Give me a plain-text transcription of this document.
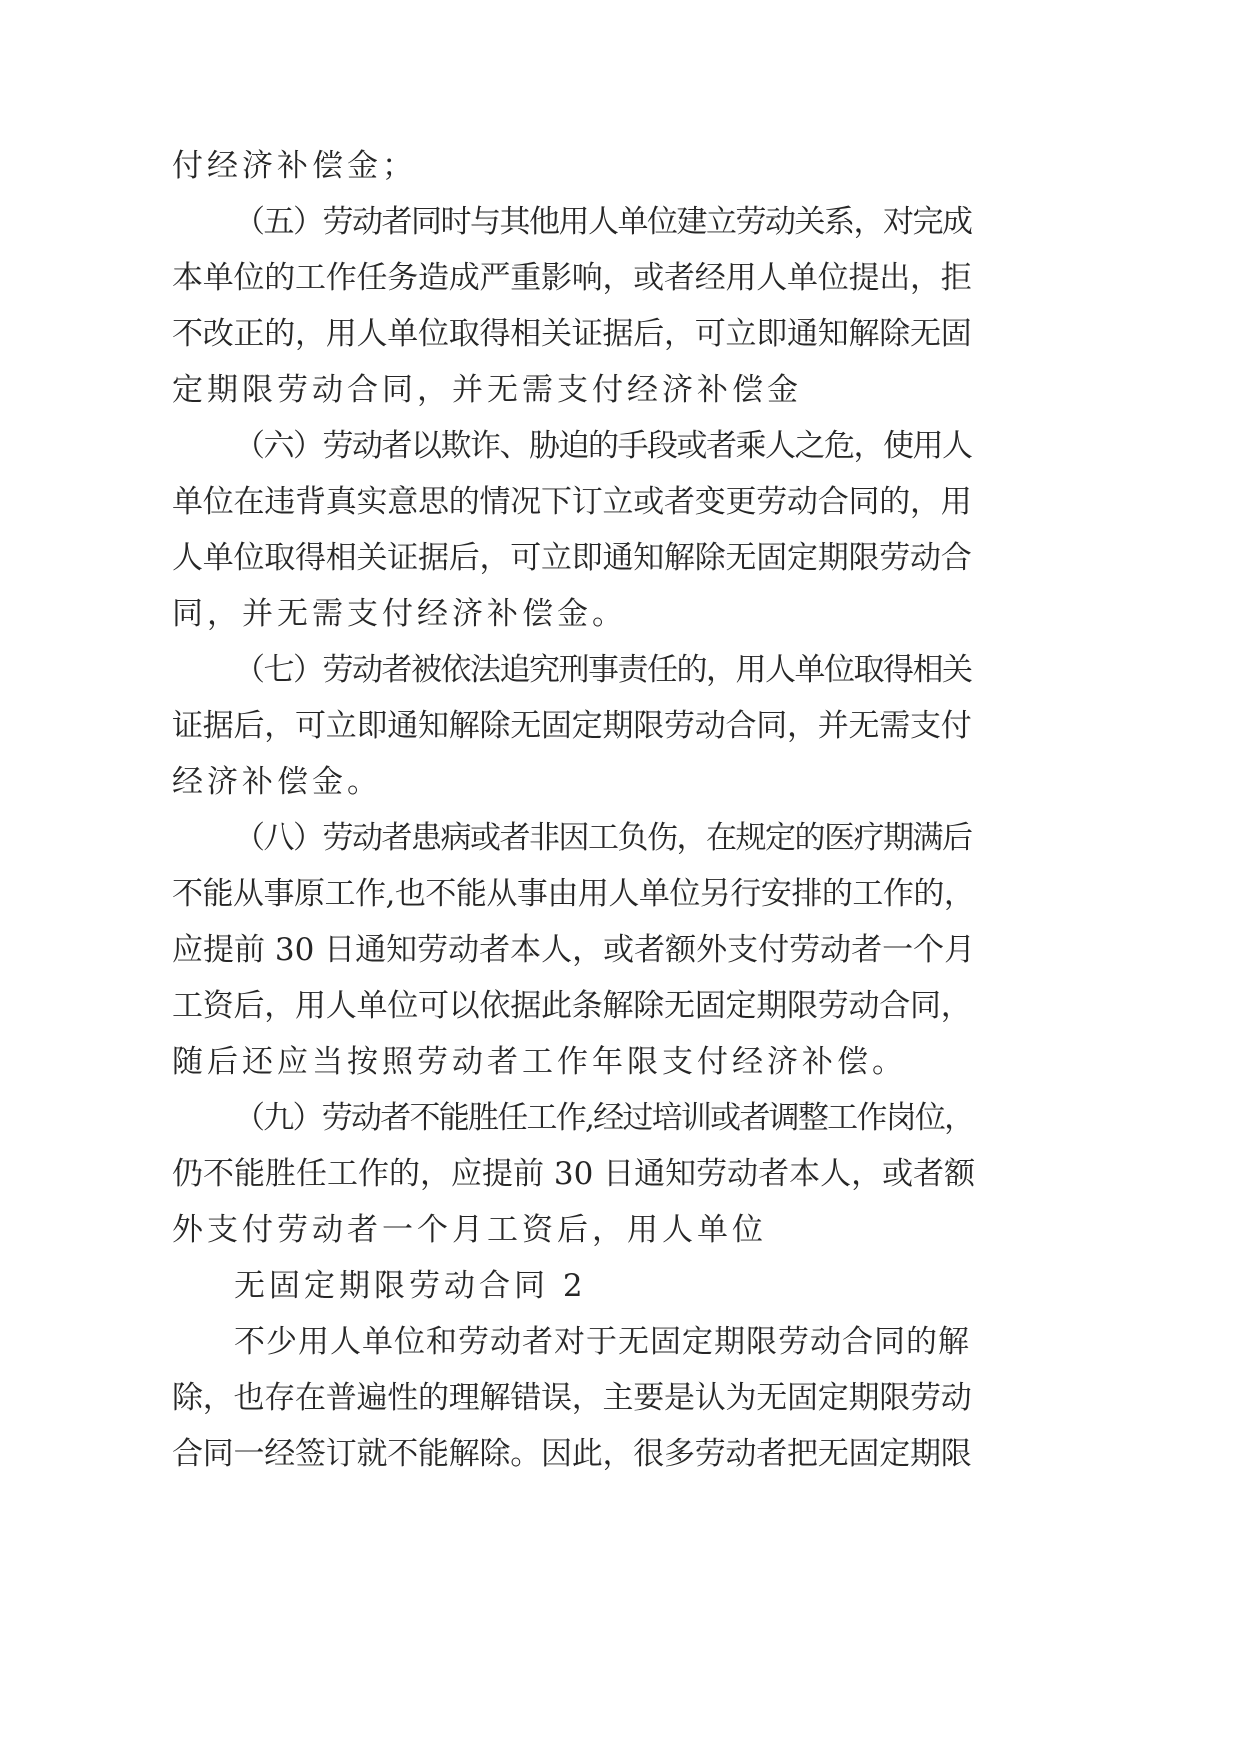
付经济补偿金；
（五）劳动者同时与其他用人单位建立劳动关系，对完成
本单位的工作任务造成严重影响，或者经用人单位提出，拒
不改正的，用人单位取得相关证据后，可立即通知解除无固
定期限劳动合同，并无需支付经济补偿金
（六）劳动者以欺诈、胁迫的手段或者乘人之危，使用人
单位在违背真实意思的情况下订立或者变更劳动合同的，用
人单位取得相关证据后，可立即通知解除无固定期限劳动合
同，并无需支付经济补偿金。
（七）劳动者被依法追究刑事责任的，用人单位取得相关
证据后，可立即通知解除无固定期限劳动合同，并无需支付
经济补偿金。
（八）劳动者患病或者非因工负伤，在规定的医疗期满后
不能从事原工作,也不能从事由用人单位另行安排的工作的，
应提前 30 日通知劳动者本人，或者额外支付劳动者一个月
工资后，用人单位可以依据此条解除无固定期限劳动合同，
随后还应当按照劳动者工作年限支付经济补偿。
（九）劳动者不能胜任工作,经过培训或者调整工作岗位，
仍不能胜任工作的，应提前 30 日通知劳动者本人，或者额
外支付劳动者一个月工资后，用人单位
无固定期限劳动合同 2
不少用人单位和劳动者对于无固定期限劳动合同的解
除，也存在普遍性的理解错误，主要是认为无固定期限劳动
合同一经签订就不能解除。因此，很多劳动者把无固定期限
